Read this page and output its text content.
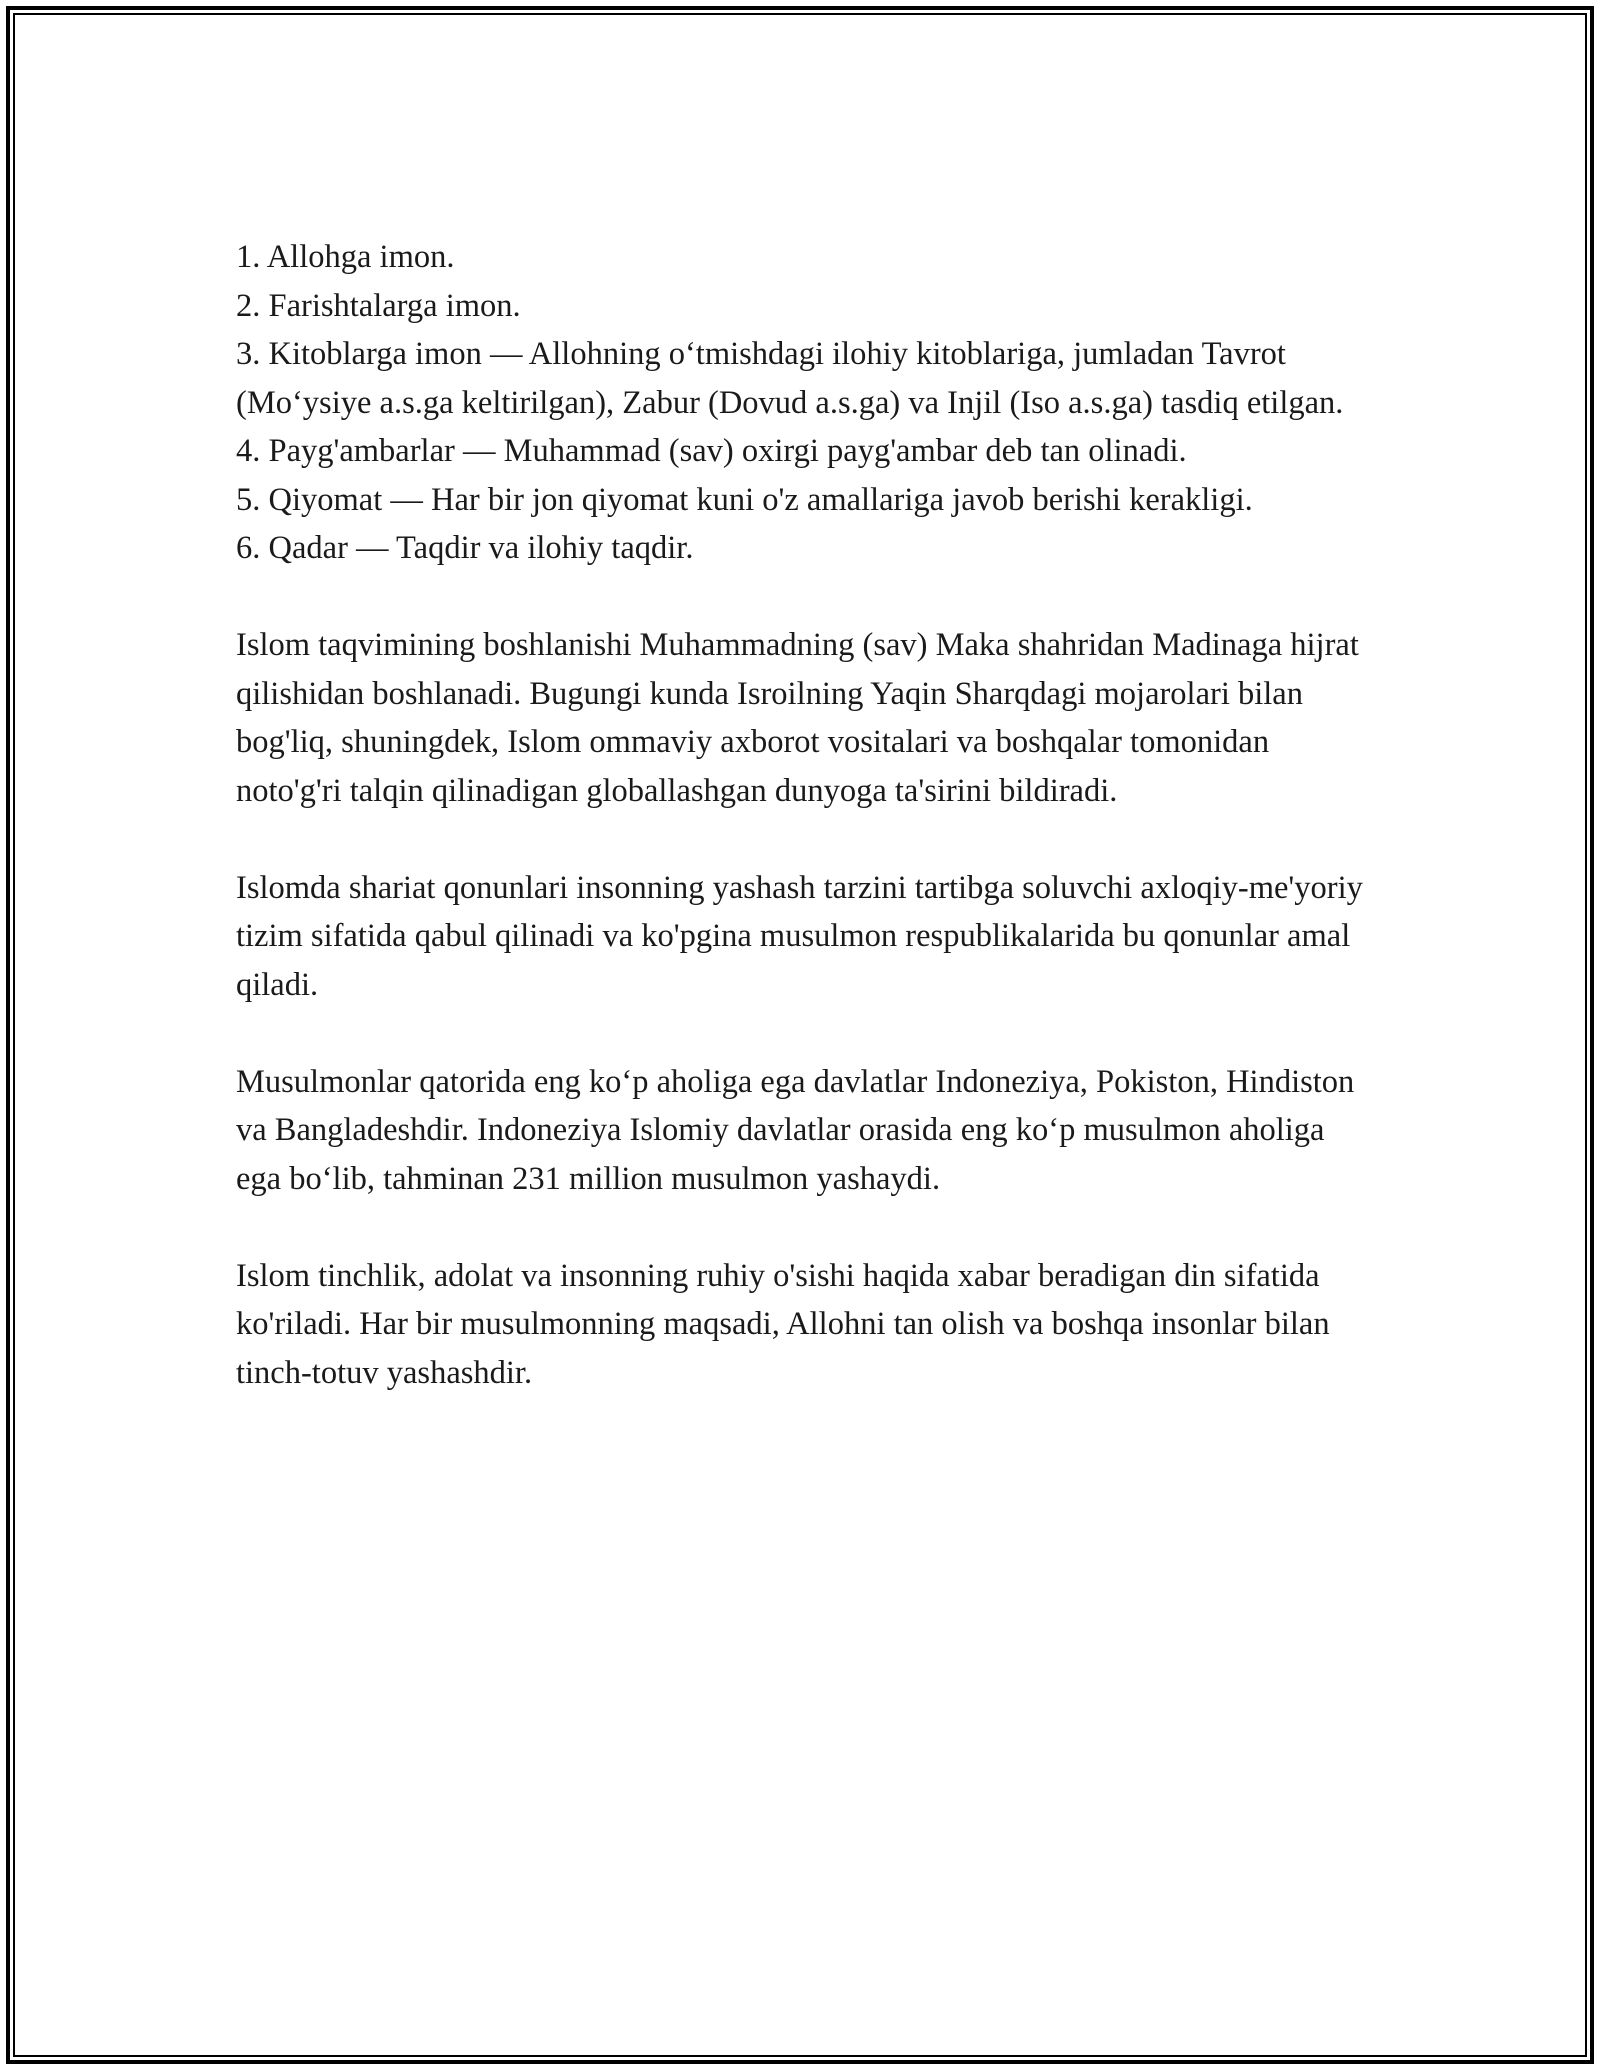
1. Allohga imon.

2. Farishtalarga imon.

3. Kitoblarga imon — Allohning o‘tmishdagi ilohiy kitoblariga, jumladan Tavrot (Mo‘ysiye a.s.ga keltirilgan), Zabur (Dovud a.s.ga) va Injil (Iso a.s.ga) tasdiq etilgan.

4. Payg'ambarlar — Muhammad (sav) oxirgi payg'ambar deb tan olinadi.

5. Qiyomat — Har bir jon qiyomat kuni o'z amallariga javob berishi kerakligi.

6. Qadar — Taqdir va ilohiy taqdir.

Islom taqvimining boshlanishi Muhammadning (sav) Maka shahridan Madinaga hijrat qilishidan boshlanadi. Bugungi kunda Isroilning Yaqin Sharqdagi mojarolari bilan bog'liq, shuningdek, Islom ommaviy axborot vositalari va boshqalar tomonidan noto'g'ri talqin qilinadigan globallashgan dunyoga ta'sirini bildiradi.

Islomda shariat qonunlari insonning yashash tarzini tartibga soluvchi axloqiy-me'yoriy tizim sifatida qabul qilinadi va ko'pgina musulmon respublikalarida bu qonunlar amal qiladi.

Musulmonlar qatorida eng ko‘p aholiga ega davlatlar Indoneziya, Pokiston, Hindiston va Bangladeshdir. Indoneziya Islomiy davlatlar orasida eng ko‘p musulmon aholiga ega bo‘lib, tahminan 231 million musulmon yashaydi.

Islom tinchlik, adolat va insonning ruhiy o'sishi haqida xabar beradigan din sifatida ko'riladi. Har bir musulmonning maqsadi, Allohni tan olish va boshqa insonlar bilan tinch-totuv yashashdir.
